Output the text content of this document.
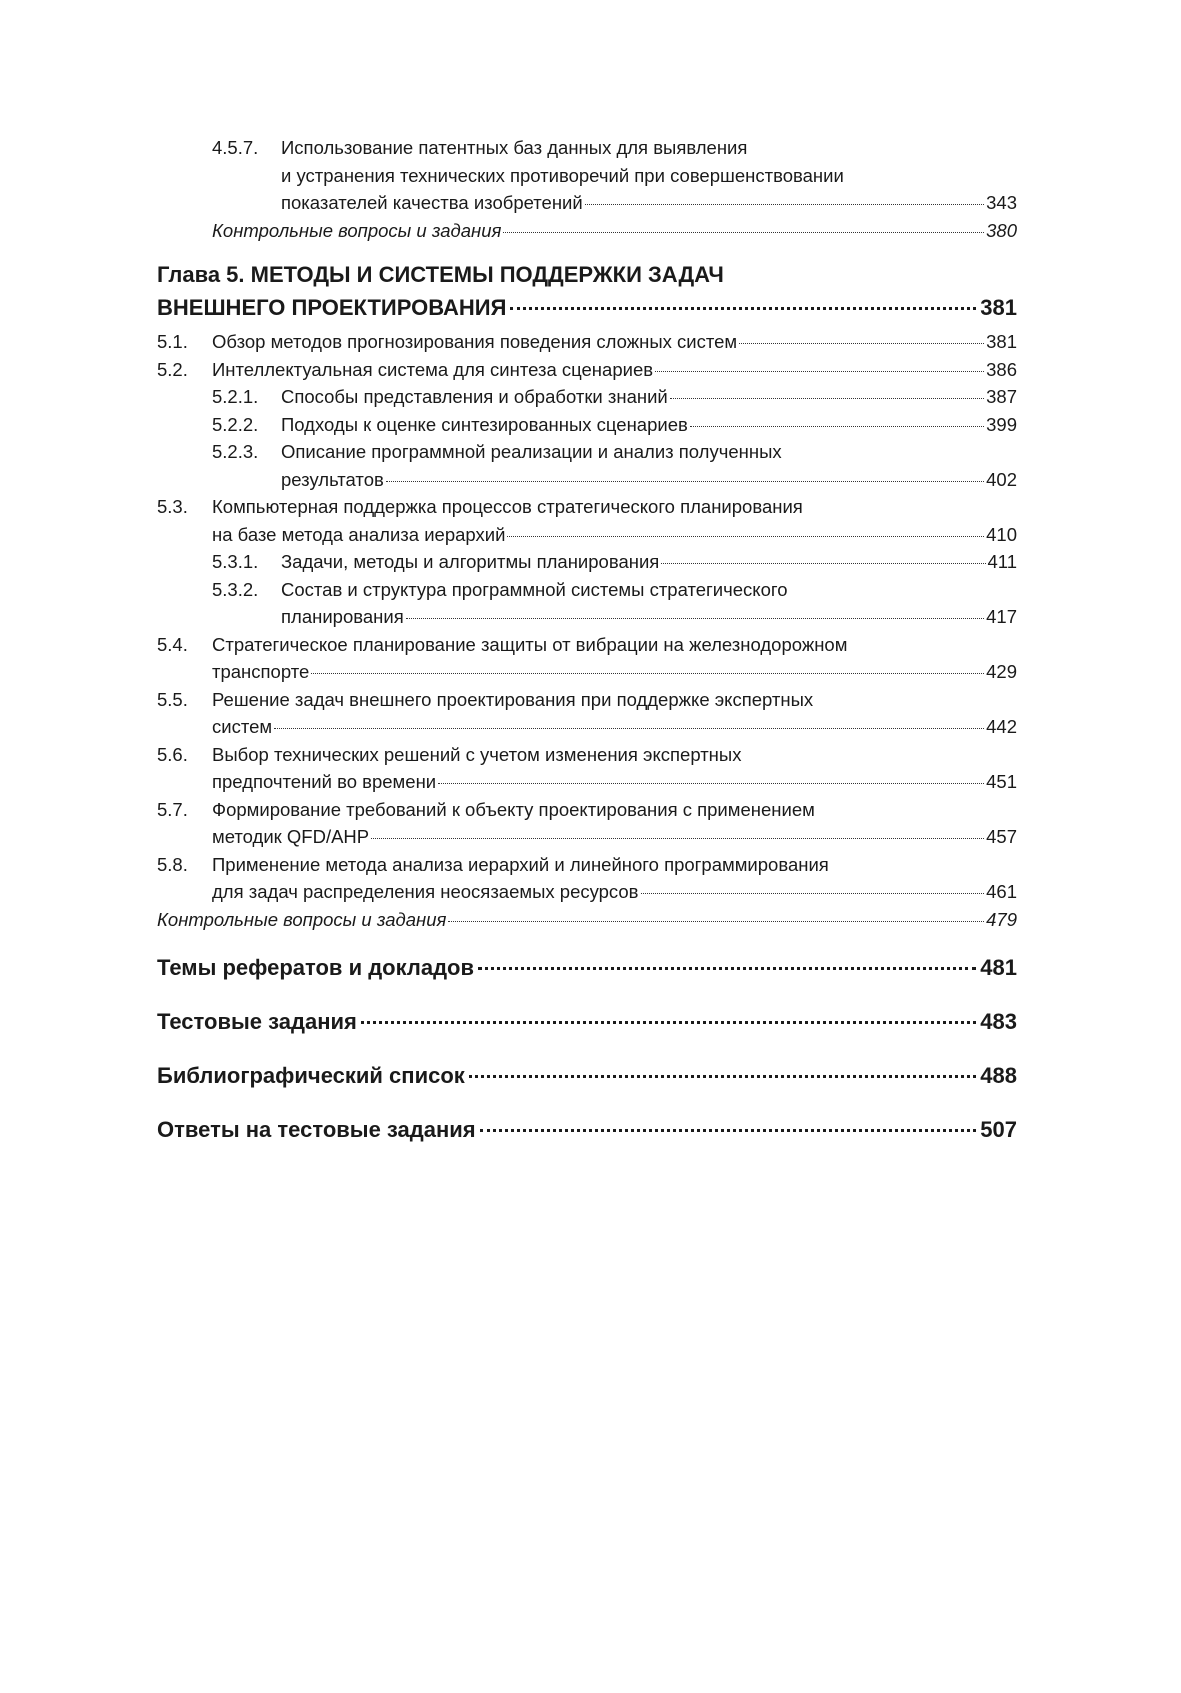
4.5.7. Использование патентных баз данных для выявления
и устранения технических противоречий при совершенствовании
показателей качества изобретений	343
Контрольные вопросы и задания	380
Глава 5. МЕТОДЫ И СИСТЕМЫ ПОДДЕРЖКИ ЗАДАЧ
ВНЕШНЕГО ПРОЕКТИРОВАНИЯ	381
5.1. Обзор методов прогнозирования поведения сложных систем	381
5.2. Интеллектуальная система для синтеза сценариев	386
5.2.1. Способы представления и обработки знаний	387
5.2.2. Подходы к оценке синтезированных сценариев	399
5.2.3. Описание программной реализации и анализ полученных
результатов	402
5.3. Компьютерная поддержка процессов стратегического планирования
на базе метода анализа иерархий	410
5.3.1. Задачи, методы и алгоритмы планирования	411
5.3.2. Состав и структура программной системы стратегического
планирования	417
5.4. Стратегическое планирование защиты от вибрации на железнодорожном
транспорте	429
5.5. Решение задач внешнего проектирования при поддержке экспертных
систем	442
5.6. Выбор технических решений с учетом изменения экспертных
предпочтений во времени	451
5.7. Формирование требований к объекту проектирования с применением
методик QFD/AHP	457
5.8. Применение метода анализа иерархий и линейного программирования
для задач распределения неосязаемых ресурсов	461
Контрольные вопросы и задания	479
Темы рефератов и докладов	481
Тестовые задания	483
Библиографический список	488
Ответы на тестовые задания	507
